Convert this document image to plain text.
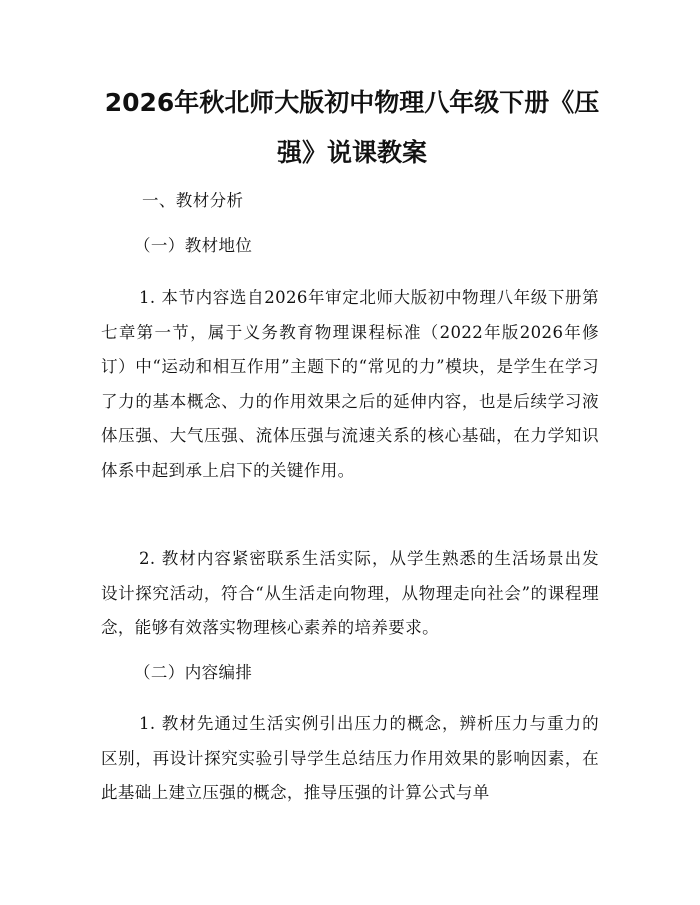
2026年秋北师大版初中物理八年级下册《压强》说课教案

一、教材分析

（一）教材地位

1. 本节内容选自2026年审定北师大版初中物理八年级下册第七章第一节，属于义务教育物理课程标准（2022年版2026年修订）中“运动和相互作用”主题下的“常见的力”模块，是学生在学习了力的基本概念、力的作用效果之后的延伸内容，也是后续学习液体压强、大气压强、流体压强与流速关系的核心基础，在力学知识体系中起到承上启下的关键作用。

2. 教材内容紧密联系生活实际，从学生熟悉的生活场景出发设计探究活动，符合“从生活走向物理，从物理走向社会”的课程理念，能够有效落实物理核心素养的培养要求。

（二）内容编排

1. 教材先通过生活实例引出压力的概念，辨析压力与重力的区别，再设计探究实验引导学生总结压力作用效果的影响因素，在此基础上建立压强的概念，推导压强的计算公式与单
